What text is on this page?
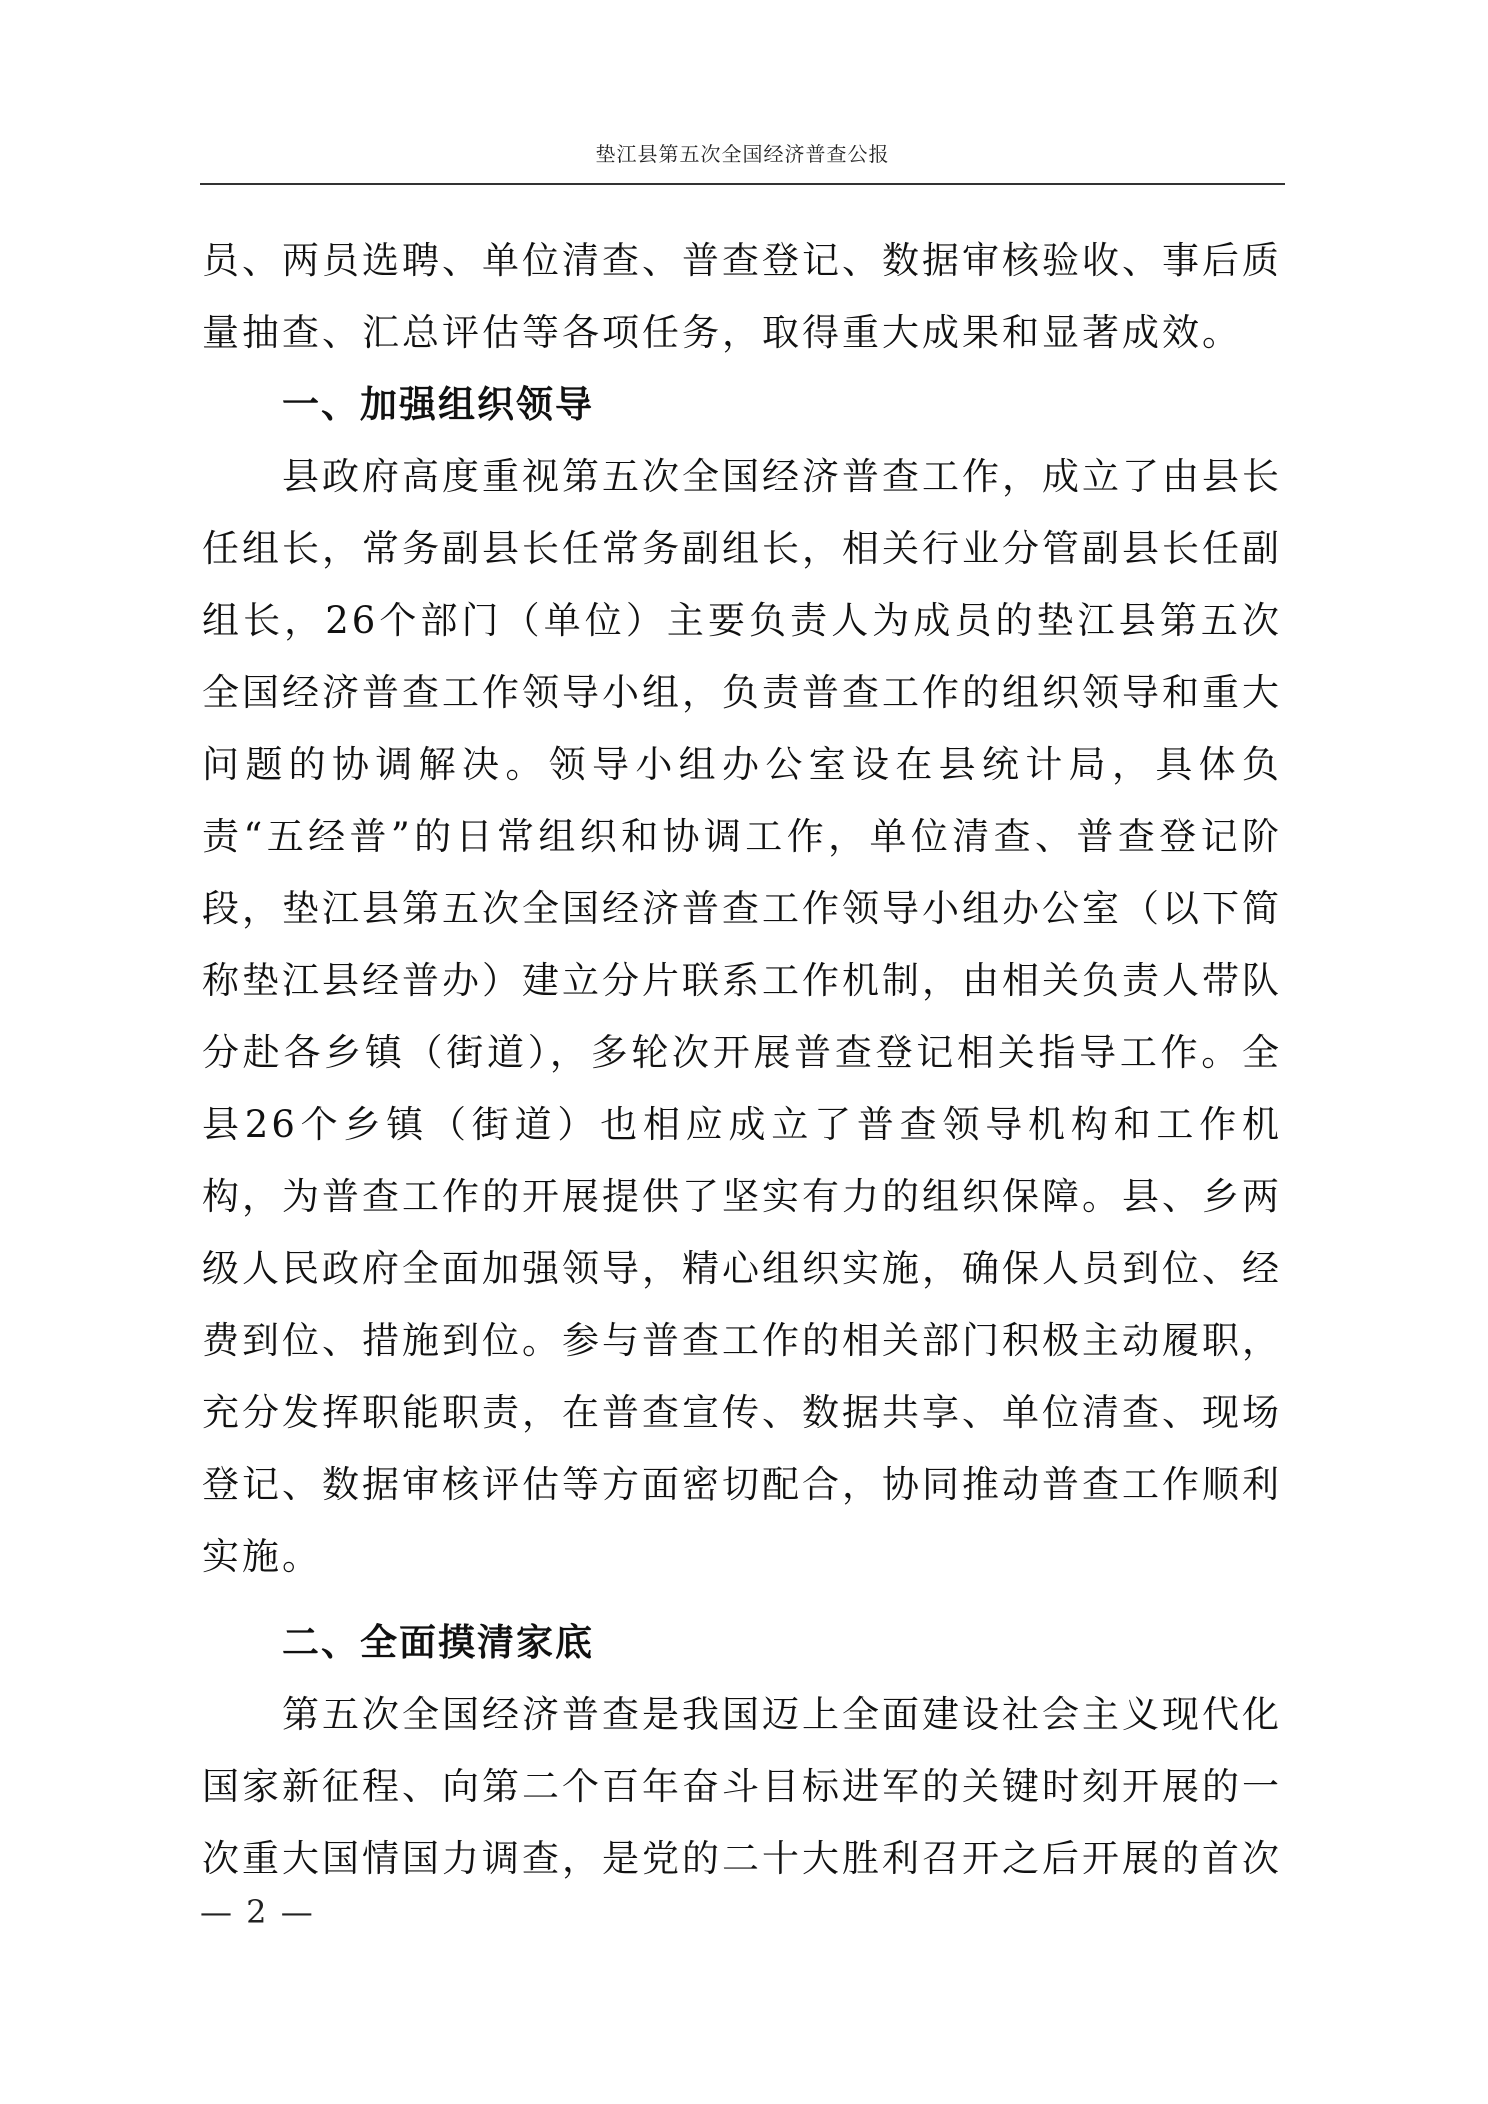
垫江县第五次全国经济普查公报

员、两员选聘、单位清查、普查登记、数据审核验收、事后质量抽查、汇总评估等各项任务，取得重大成果和显著成效。

一、加强组织领导

县政府高度重视第五次全国经济普查工作，成立了由县长任组长，常务副县长任常务副组长，相关行业分管副县长任副组长，26个部门（单位）主要负责人为成员的垫江县第五次全国经济普查工作领导小组，负责普查工作的组织领导和重大问题的协调解决。领导小组办公室设在县统计局，具体负责“五经普”的日常组织和协调工作，单位清查、普查登记阶段，垫江县第五次全国经济普查工作领导小组办公室（以下简称垫江县经普办）建立分片联系工作机制，由相关负责人带队分赴各乡镇（街道），多轮次开展普查登记相关指导工作。全县26个乡镇（街道）也相应成立了普查领导机构和工作机构，为普查工作的开展提供了坚实有力的组织保障。县、乡两级人民政府全面加强领导，精心组织实施，确保人员到位、经费到位、措施到位。参与普查工作的相关部门积极主动履职，充分发挥职能职责，在普查宣传、数据共享、单位清查、现场登记、数据审核评估等方面密切配合，协同推动普查工作顺利实施。

二、全面摸清家底

第五次全国经济普查是我国迈上全面建设社会主义现代化国家新征程、向第二个百年奋斗目标进军的关键时刻开展的一次重大国情国力调查，是党的二十大胜利召开之后开展的首次

— 2 —
